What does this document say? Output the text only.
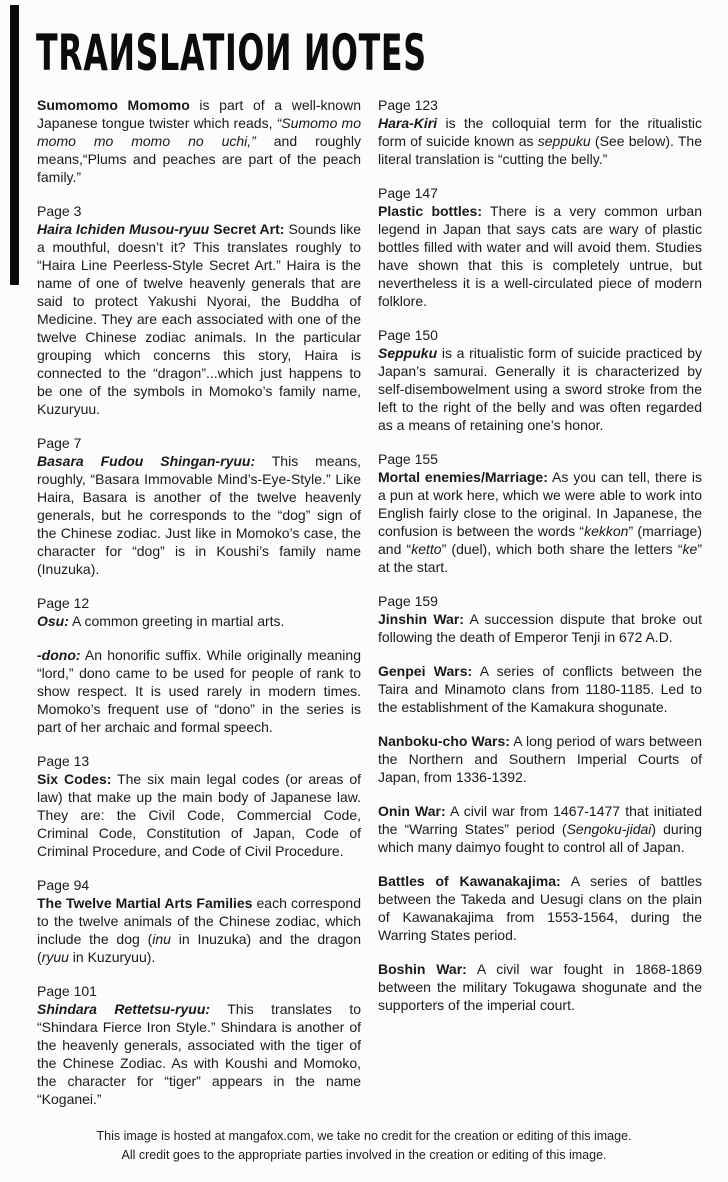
TRAИSLATIOИ ИOTES

Sumomomo Momomo is part of a well-known Japanese tongue twister which reads, “Sumomo mo momo mo momo no uchi,” and roughly means,“Plums and peaches are part of the peach family.”

Page 3

Haira Ichiden Musou-ryuu Secret Art: Sounds like a mouthful, doesn’t it? This translates roughly to “Haira Line Peerless-Style Secret Art.” Haira is the name of one of twelve heavenly generals that are said to protect Yakushi Nyorai, the Buddha of Medicine. They are each associated with one of the twelve Chinese zodiac animals. In the particular grouping which concerns this story, Haira is connected to the “dragon”...which just happens to be one of the symbols in Momoko’s family name, Kuzuryuu.

Page 7

Basara Fudou Shingan-ryuu: This means, roughly, “Basara Immovable Mind’s-Eye-Style.” Like Haira, Basara is another of the twelve heavenly generals, but he corresponds to the “dog” sign of the Chinese zodiac. Just like in Momoko’s case, the character for “dog” is in Koushi’s family name (Inuzuka).

Page 12

Osu: A common greeting in martial arts.

-dono: An honorific suffix. While originally meaning “lord,” dono came to be used for people of rank to show respect. It is used rarely in modern times. Momoko’s frequent use of “dono” in the series is part of her archaic and formal speech.

Page 13

Six Codes: The six main legal codes (or areas of law) that make up the main body of Japanese law. They are: the Civil Code, Commercial Code, Criminal Code, Constitution of Japan, Code of Criminal Procedure, and Code of Civil Procedure.

Page 94

The Twelve Martial Arts Families each correspond to the twelve animals of the Chinese zodiac, which include the dog (inu in Inuzuka) and the dragon (ryuu in Kuzuryuu).

Page 101

Shindara Rettetsu-ryuu: This translates to “Shindara Fierce Iron Style.” Shindara is another of the heavenly generals, associated with the tiger of the Chinese Zodiac. As with Koushi and Momoko, the character for “tiger” appears in the name “Koganei.”

Page 123

Hara-Kiri is the colloquial term for the ritualistic form of suicide known as seppuku (See below). The literal translation is “cutting the belly.”

Page 147

Plastic bottles: There is a very common urban legend in Japan that says cats are wary of plastic bottles filled with water and will avoid them. Studies have shown that this is completely untrue, but nevertheless it is a well-circulated piece of modern folklore.

Page 150

Seppuku is a ritualistic form of suicide practiced by Japan’s samurai. Generally it is characterized by self-disembowelment using a sword stroke from the left to the right of the belly and was often regarded as a means of retaining one’s honor.

Page 155

Mortal enemies/Marriage: As you can tell, there is a pun at work here, which we were able to work into English fairly close to the original. In Japanese, the confusion is between the words “kekkon” (marriage) and “ketto” (duel), which both share the letters “ke” at the start.

Page 159

Jinshin War: A succession dispute that broke out following the death of Emperor Tenji in 672 A.D.

Genpei Wars: A series of conflicts between the Taira and Minamoto clans from 1180-1185. Led to the establishment of the Kamakura shogunate.

Nanboku-cho Wars: A long period of wars between the Northern and Southern Imperial Courts of Japan, from 1336-1392.

Onin War: A civil war from 1467-1477 that initiated the “Warring States” period (Sengoku-jidai) during which many daimyo fought to control all of Japan.

Battles of Kawanakajima: A series of battles between the Takeda and Uesugi clans on the plain of Kawanakajima from 1553-1564, during the Warring States period.

Boshin War: A civil war fought in 1868-1869 between the military Tokugawa shogunate and the supporters of the imperial court.

This image is hosted at mangafox.com, we take no credit for the creation or editing of this image.
All credit goes to the appropriate parties involved in the creation or editing of this image.
